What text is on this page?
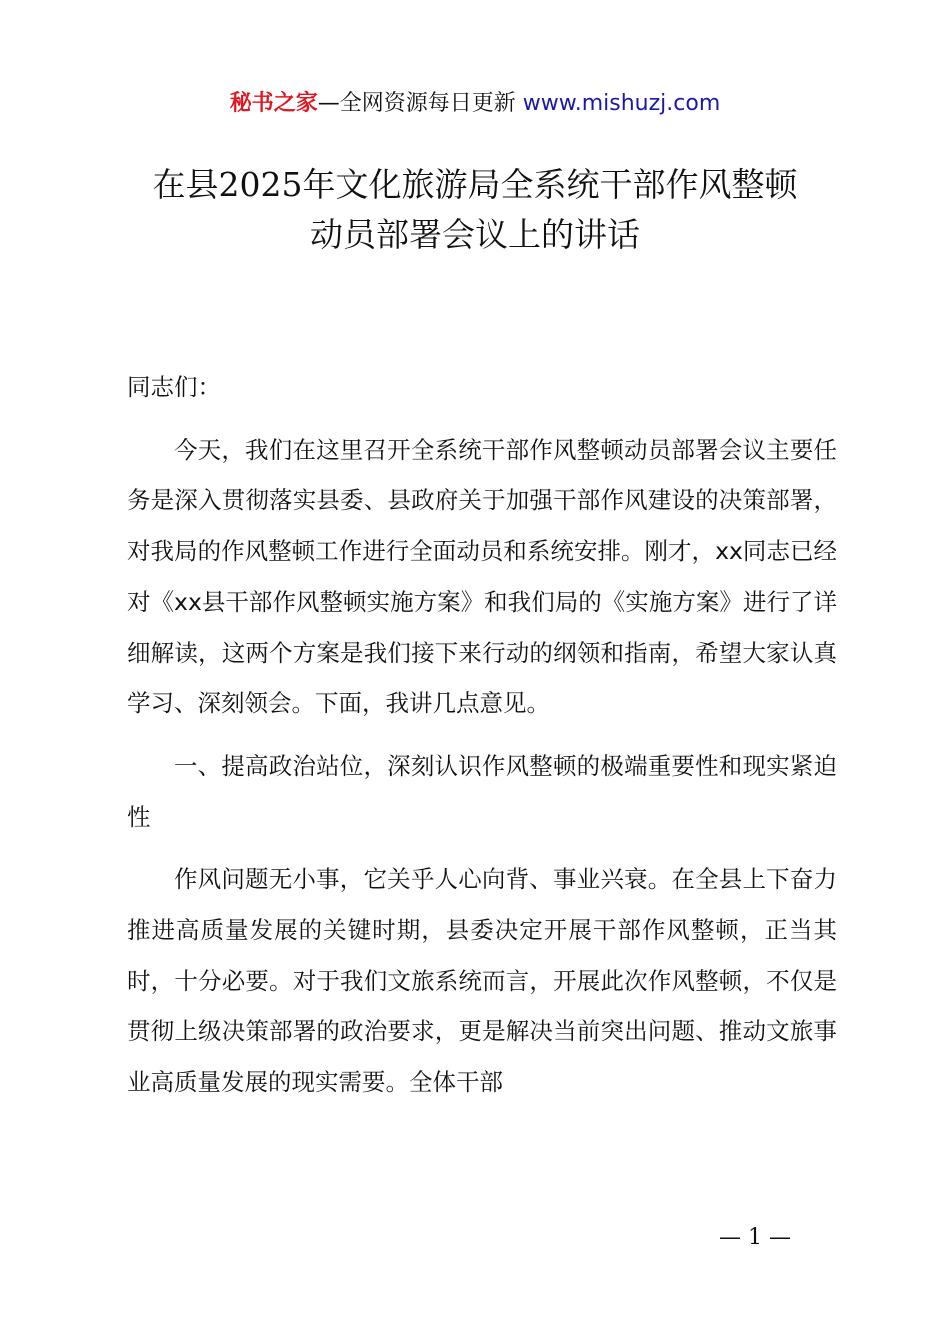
秘书之家—全网资源每日更新 www.mishuzj.com
在县2025年文化旅游局全系统干部作风整顿
动员部署会议上的讲话

同志们：

今天，我们在这里召开全系统干部作风整顿动员部署会议主要任务是深入贯彻落实县委、县政府关于加强干部作风建设的决策部署，对我局的作风整顿工作进行全面动员和系统安排。刚才，xx同志已经对《xx县干部作风整顿实施方案》和我们局的《实施方案》进行了详细解读，这两个方案是我们接下来行动的纲领和指南，希望大家认真学习、深刻领会。下面，我讲几点意见。

一、提高政治站位，深刻认识作风整顿的极端重要性和现实紧迫性

作风问题无小事，它关乎人心向背、事业兴衰。在全县上下奋力推进高质量发展的关键时期，县委决定开展干部作风整顿，正当其时，十分必要。对于我们文旅系统而言，开展此次作风整顿，不仅是贯彻上级决策部署的政治要求，更是解决当前突出问题、推动文旅事业高质量发展的现实需要。全体干部

— 1 —
